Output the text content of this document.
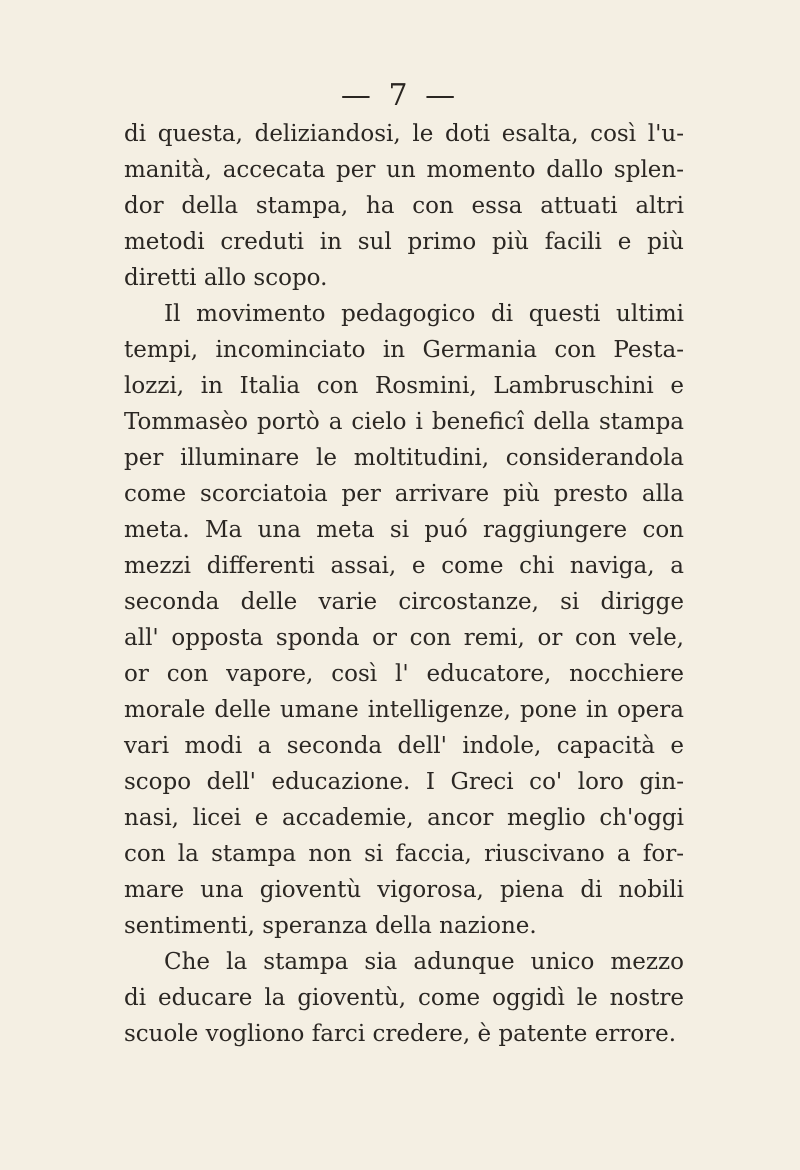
— 7 —
di questa, deliziandosi, le doti esalta, così l'u-
manità, accecata per un momento dallo splen-
dor della stampa, ha con essa attuati altri
metodi creduti in sul primo più facili e più
diretti allo scopo.
Il movimento pedagogico di questi ultimi
tempi, incominciato in Germania con Pesta-
lozzi, in Italia con Rosmini, Lambruschini e
Tommasèo portò a cielo i beneficî della stampa
per illuminare le moltitudini, considerandola
come scorciatoia per arrivare più presto alla
meta. Ma una meta si puó raggiungere con
mezzi differenti assai, e come chi naviga, a
seconda delle varie circostanze, si dirigge
all' opposta sponda or con remi, or con vele,
or con vapore, così l' educatore, nocchiere
morale delle umane intelligenze, pone in opera
vari modi a seconda dell' indole, capacità e
scopo dell' educazione. I Greci co' loro gin-
nasi, licei e accademie, ancor meglio ch'oggi
con la stampa non si faccia, riuscivano a for-
mare una gioventù vigorosa, piena di nobili
sentimenti, speranza della nazione.
Che la stampa sia adunque unico mezzo
di educare la gioventù, come oggidì le nostre
scuole vogliono farci credere, è patente errore.
